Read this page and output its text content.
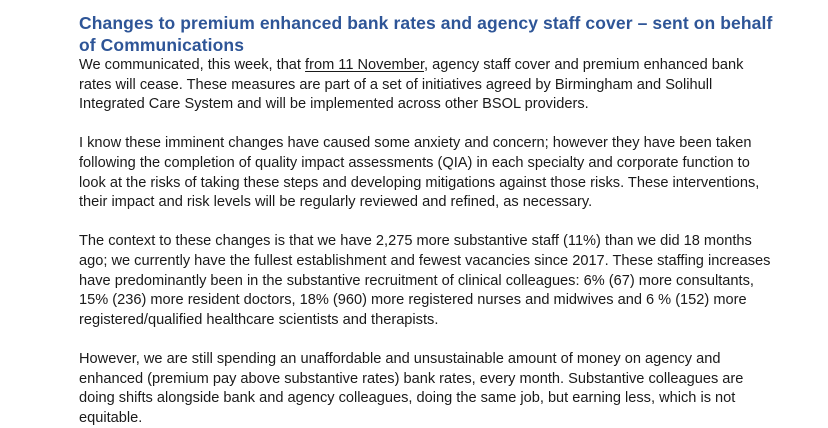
Changes to premium enhanced bank rates and agency staff cover – sent on behalf
of Communications

We communicated, this week, that from 11 November, agency staff cover and premium enhanced bank
rates will cease. These measures are part of a set of initiatives agreed by Birmingham and Solihull
Integrated Care System and will be implemented across other BSOL providers.

I know these imminent changes have caused some anxiety and concern; however they have been taken
following the completion of quality impact assessments (QIA) in each specialty and corporate function to
look at the risks of taking these steps and developing mitigations against those risks. These interventions,
their impact and risk levels will be regularly reviewed and refined, as necessary.

The context to these changes is that we have 2,275 more substantive staff (11%) than we did 18 months
ago; we currently have the fullest establishment and fewest vacancies since 2017. These staffing increases
have predominantly been in the substantive recruitment of clinical colleagues: 6% (67) more consultants,
15% (236) more resident doctors, 18% (960) more registered nurses and midwives and 6 % (152) more
registered/qualified healthcare scientists and therapists.

However, we are still spending an unaffordable and unsustainable amount of money on agency and
enhanced (premium pay above substantive rates) bank rates, every month. Substantive colleagues are
doing shifts alongside bank and agency colleagues, doing the same job, but earning less, which is not
equitable.
